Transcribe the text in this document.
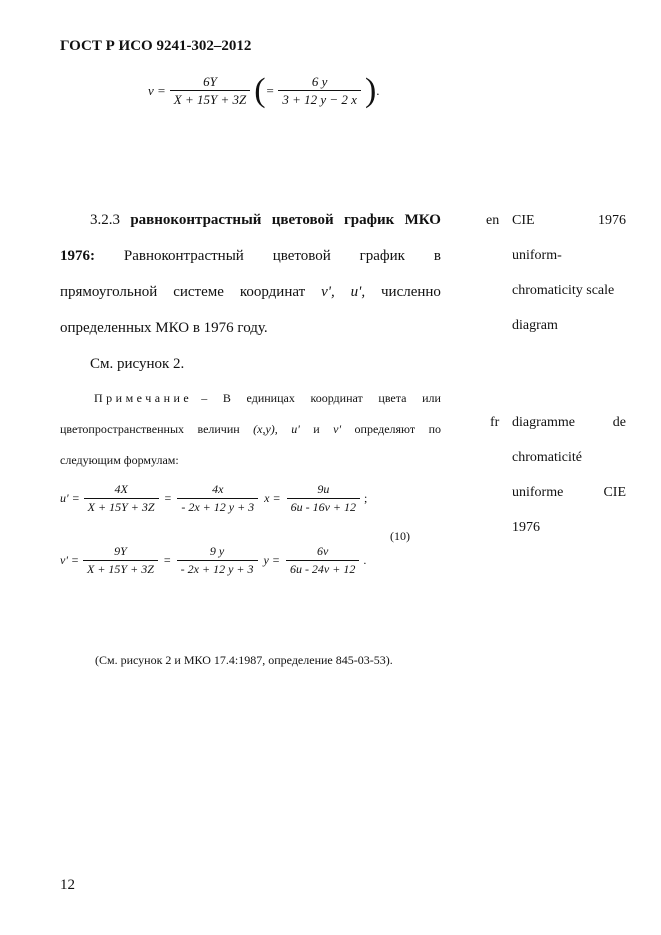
ГОСТ Р ИСО 9241-302–2012
$v = \frac{6Y}{X + 15Y + 3Z}$ ( = $\frac{6 y}{3 + 12 y - 2 x}$ ) .
3.2.3 равноконтрастный цветовой график МКО
1976: Равноконтрастный цветовой график в
прямоугольной системе координат v', u', численно
определенных МКО в 1976 году.
См. рисунок 2.
Примечание – В единицах координат цвета или
цветопространственных величин (x,y), u' и v' определяют по
следующим формулам:
$u' = \frac{4X}{X + 15Y + 3Z} = \frac{4x}{- 2x + 12 y + 3}$ $x = \frac{9u}{6u - 16v + 12}$ ;
(10)
$v' = \frac{9Y}{X + 15Y + 3Z} = \frac{9 y}{- 2x + 12 y + 3}$ $y = \frac{6v}{6u - 24v + 12}$ .
(См. рисунок 2 и МКО 17.4:1987, определение 845-03-53).
en CIE	1976
uniform-
chromaticity scale
diagram
fr diagramme	de
chromaticité
uniforme	CIE
1976
12
